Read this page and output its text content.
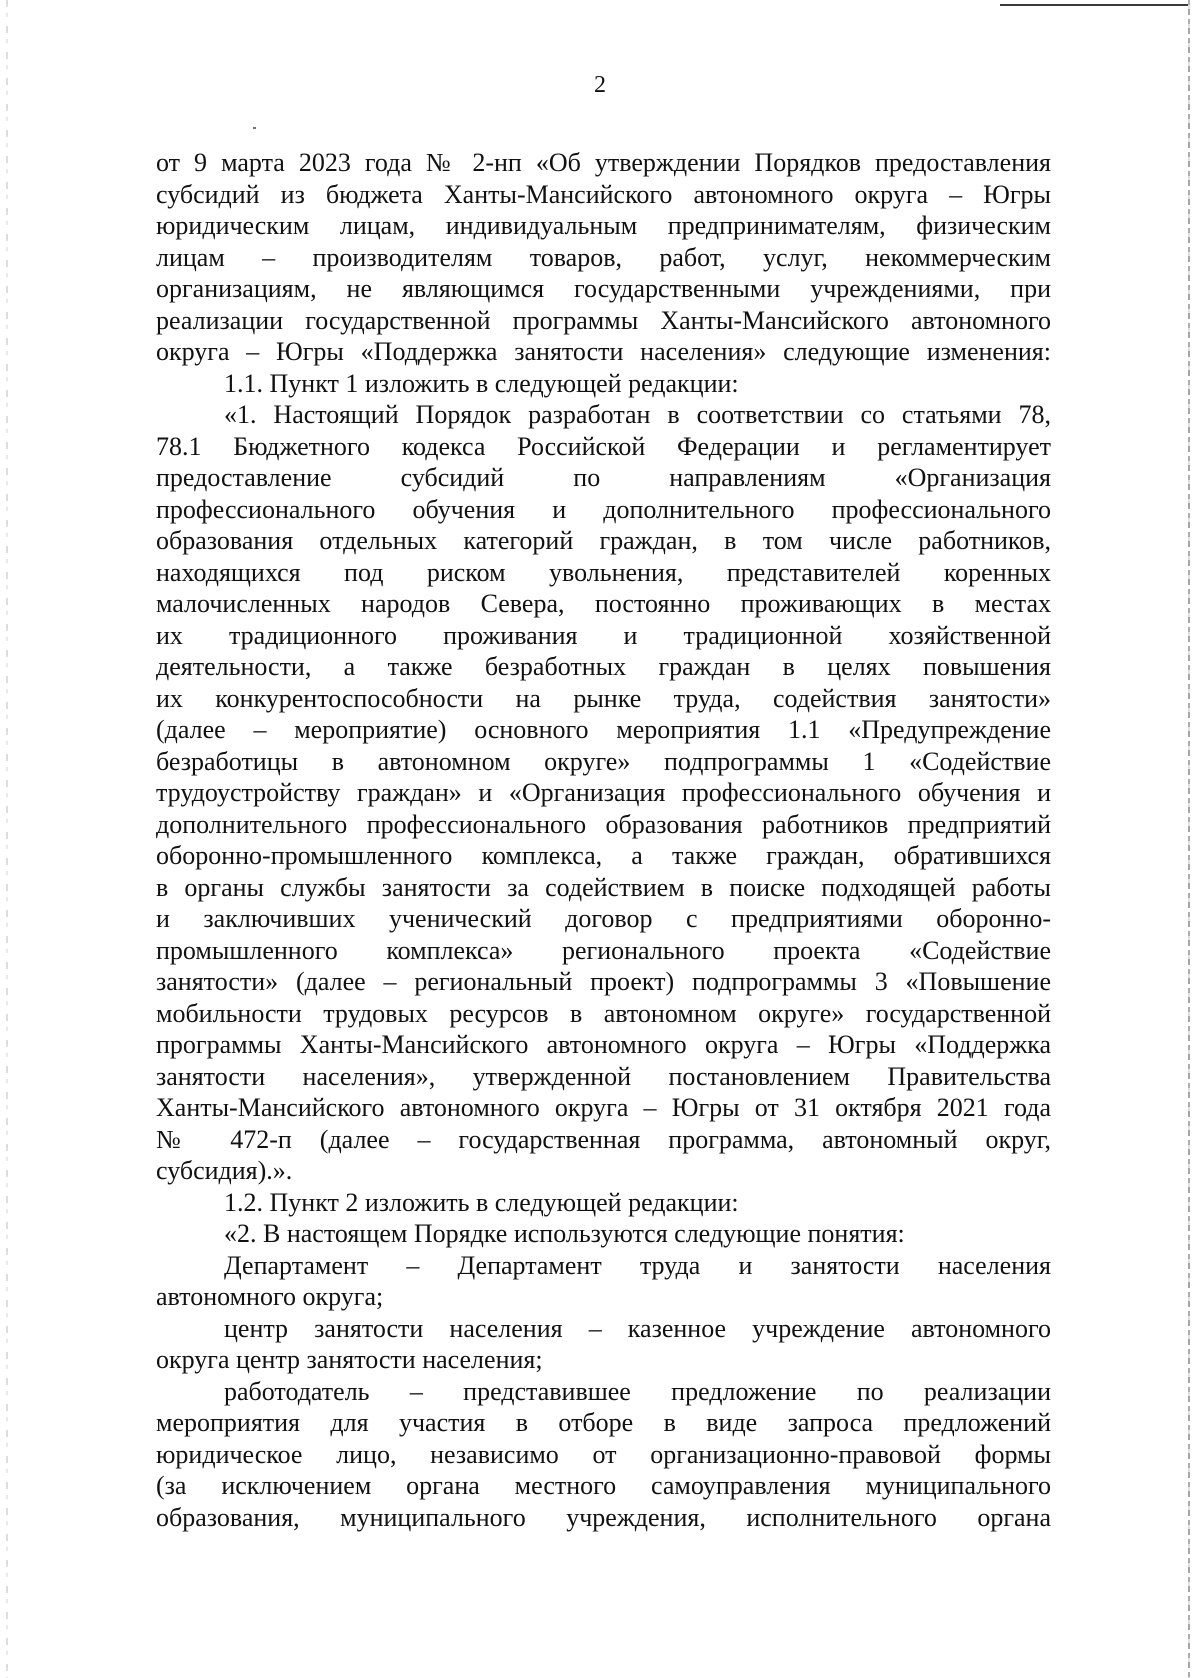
2
от 9 марта 2023 года № 2-нп «Об утверждении Порядков предоставления
субсидий из бюджета Ханты-Мансийского автономного округа – Югры
юридическим лицам, индивидуальным предпринимателям, физическим
лицам – производителям товаров, работ, услуг, некоммерческим
организациям, не являющимся государственными учреждениями, при
реализации государственной программы Ханты-Мансийского автономного
округа – Югры «Поддержка занятости населения» следующие изменения:
1.1. Пункт 1 изложить в следующей редакции:
«1. Настоящий Порядок разработан в соответствии со статьями 78,
78.1 Бюджетного кодекса Российской Федерации и регламентирует
предоставление субсидий по направлениям «Организация
профессионального обучения и дополнительного профессионального
образования отдельных категорий граждан, в том числе работников,
находящихся под риском увольнения, представителей коренных
малочисленных народов Севера, постоянно проживающих в местах
их традиционного проживания и традиционной хозяйственной
деятельности, а также безработных граждан в целях повышения
их конкурентоспособности на рынке труда, содействия занятости»
(далее – мероприятие) основного мероприятия 1.1 «Предупреждение
безработицы в автономном округе» подпрограммы 1 «Содействие
трудоустройству граждан» и «Организация профессионального обучения и
дополнительного профессионального образования работников предприятий
оборонно-промышленного комплекса, а также граждан, обратившихся
в органы службы занятости за содействием в поиске подходящей работы
и заключивших ученический договор с предприятиями оборонно-
промышленного комплекса» регионального проекта «Содействие
занятости» (далее – региональный проект) подпрограммы 3 «Повышение
мобильности трудовых ресурсов в автономном округе» государственной
программы Ханты-Мансийского автономного округа – Югры «Поддержка
занятости населения», утвержденной постановлением Правительства
Ханты-Мансийского автономного округа – Югры от 31 октября 2021 года
№ 472-п (далее – государственная программа, автономный округ,
субсидия).».
1.2. Пункт 2 изложить в следующей редакции:
«2. В настоящем Порядке используются следующие понятия:
Департамент – Департамент труда и занятости населения
автономного округа;
центр занятости населения – казенное учреждение автономного
округа центр занятости населения;
работодатель – представившее предложение по реализации
мероприятия для участия в отборе в виде запроса предложений
юридическое лицо, независимо от организационно-правовой формы
(за исключением органа местного самоуправления муниципального
образования, муниципального учреждения, исполнительного органа
